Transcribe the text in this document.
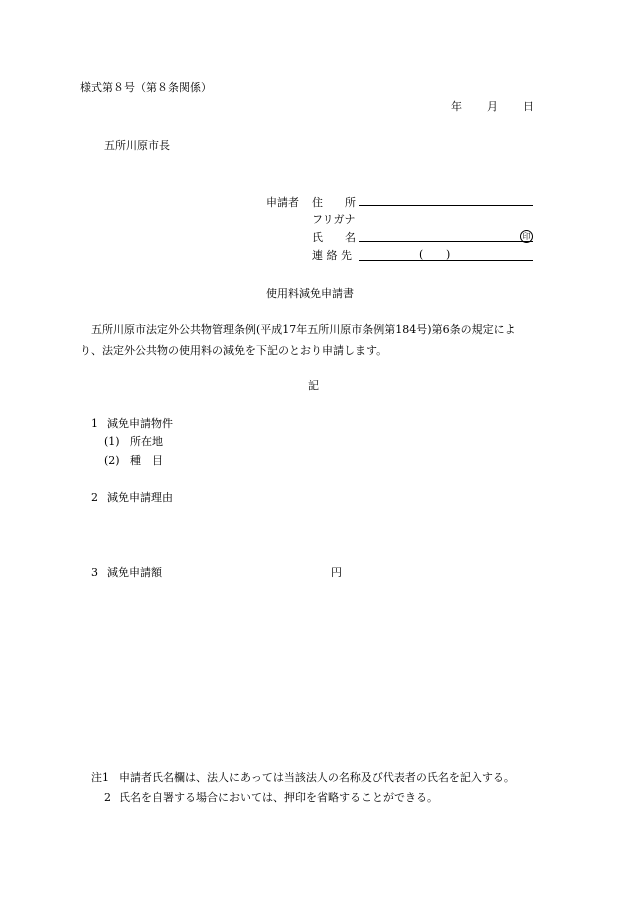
様式第８号（第８条関係）
年 月 日
五所川原市長
申請者 住　　所
フリガナ
氏　　名	印
連 絡 先	( )
使用料減免申請書
五所川原市法定外公共物管理条例(平成17年五所川原市条例第184号)第6条の規定によ
り、法定外公共物の使用料の減免を下記のとおり申請します。
記
1 減免申請物件
(1) 所在地
(2) 種　目
2 減免申請理由
3 減免申請額	円
注1 申請者氏名欄は、法人にあっては当該法人の名称及び代表者の氏名を記入する。
2 氏名を自署する場合においては、押印を省略することができる。
